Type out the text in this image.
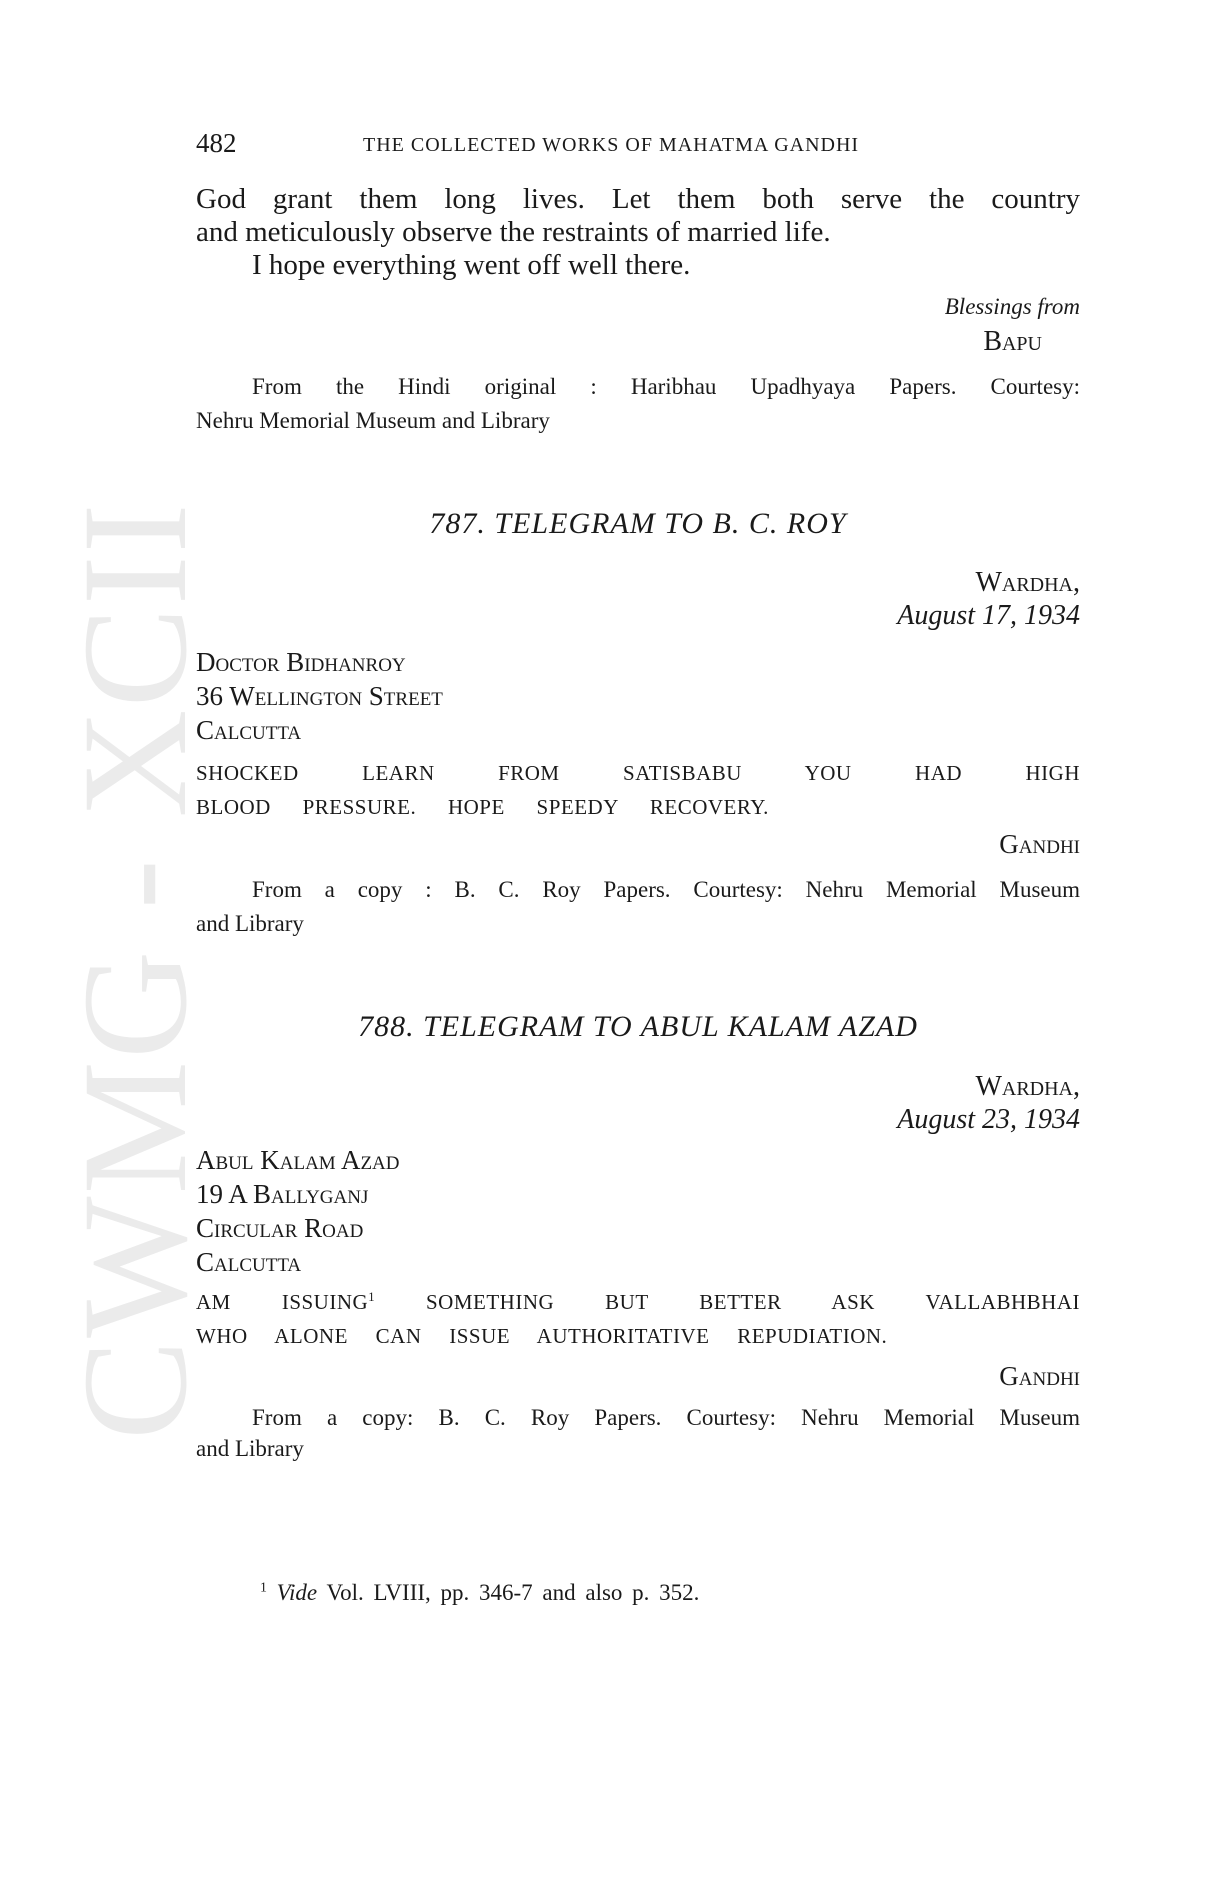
CWMG - XCII
482	THE COLLECTED WORKS OF MAHATMA GANDHI
God grant them long lives. Let them both serve the country
and meticulously observe the restraints of married life.
I hope everything went off well there.
Blessings from
Bapu
From the Hindi original : Haribhau Upadhyaya Papers. Courtesy:
Nehru Memorial Museum and Library
787. TELEGRAM TO B. C. ROY
Wardha,
August 17, 1934
Doctor Bidhanroy
36 Wellington Street
Calcutta
SHOCKED LEARN FROM SATISBABU YOU HAD HIGH
BLOOD PRESSURE. HOPE SPEEDY RECOVERY.
Gandhi
From a copy : B. C. Roy Papers. Courtesy: Nehru Memorial Museum
and Library
788. TELEGRAM TO ABUL KALAM AZAD
Wardha,
August 23, 1934
Abul Kalam Azad
19 A Ballyganj
Circular Road
Calcutta
AM ISSUING$^1$ SOMETHING BUT BETTER ASK VALLABHBHAI
WHO ALONE CAN ISSUE AUTHORITATIVE REPUDIATION.
Gandhi
From a copy: B. C. Roy Papers. Courtesy: Nehru Memorial Museum
and Library
$^1$ Vide Vol. LVIII, pp. 346-7 and also p. 352.
